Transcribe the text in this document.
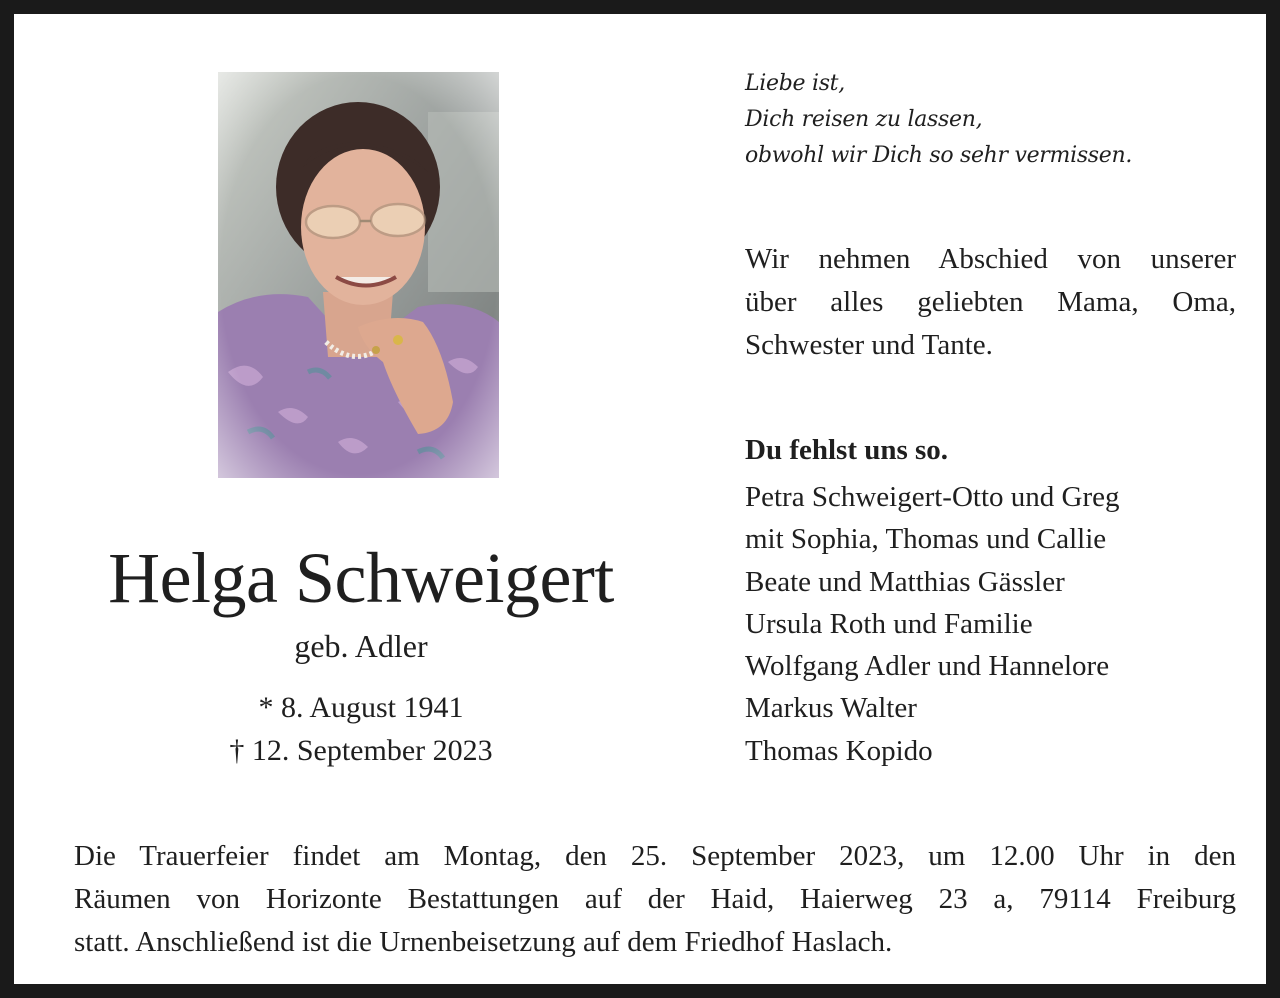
Liebe ist,
Dich reisen zu lassen,
obwohl wir Dich so sehr vermissen.
Wir nehmen Abschied von unserer
über alles geliebten Mama, Oma,
Schwester und Tante.
Du fehlst uns so.
Petra Schweigert-Otto und Greg
mit Sophia, Thomas und Callie
Beate und Matthias Gässler
Ursula Roth und Familie
Wolfgang Adler und Hannelore
Markus Walter
Thomas Kopido
Helga Schweigert
geb. Adler
* 8. August 1941
† 12. September 2023
Die Trauerfeier findet am Montag, den 25. September 2023, um 12.00 Uhr in den
Räumen von Horizonte Bestattungen auf der Haid, Haierweg 23 a, 79114 Freiburg
statt. Anschließend ist die Urnenbeisetzung auf dem Friedhof Haslach.
